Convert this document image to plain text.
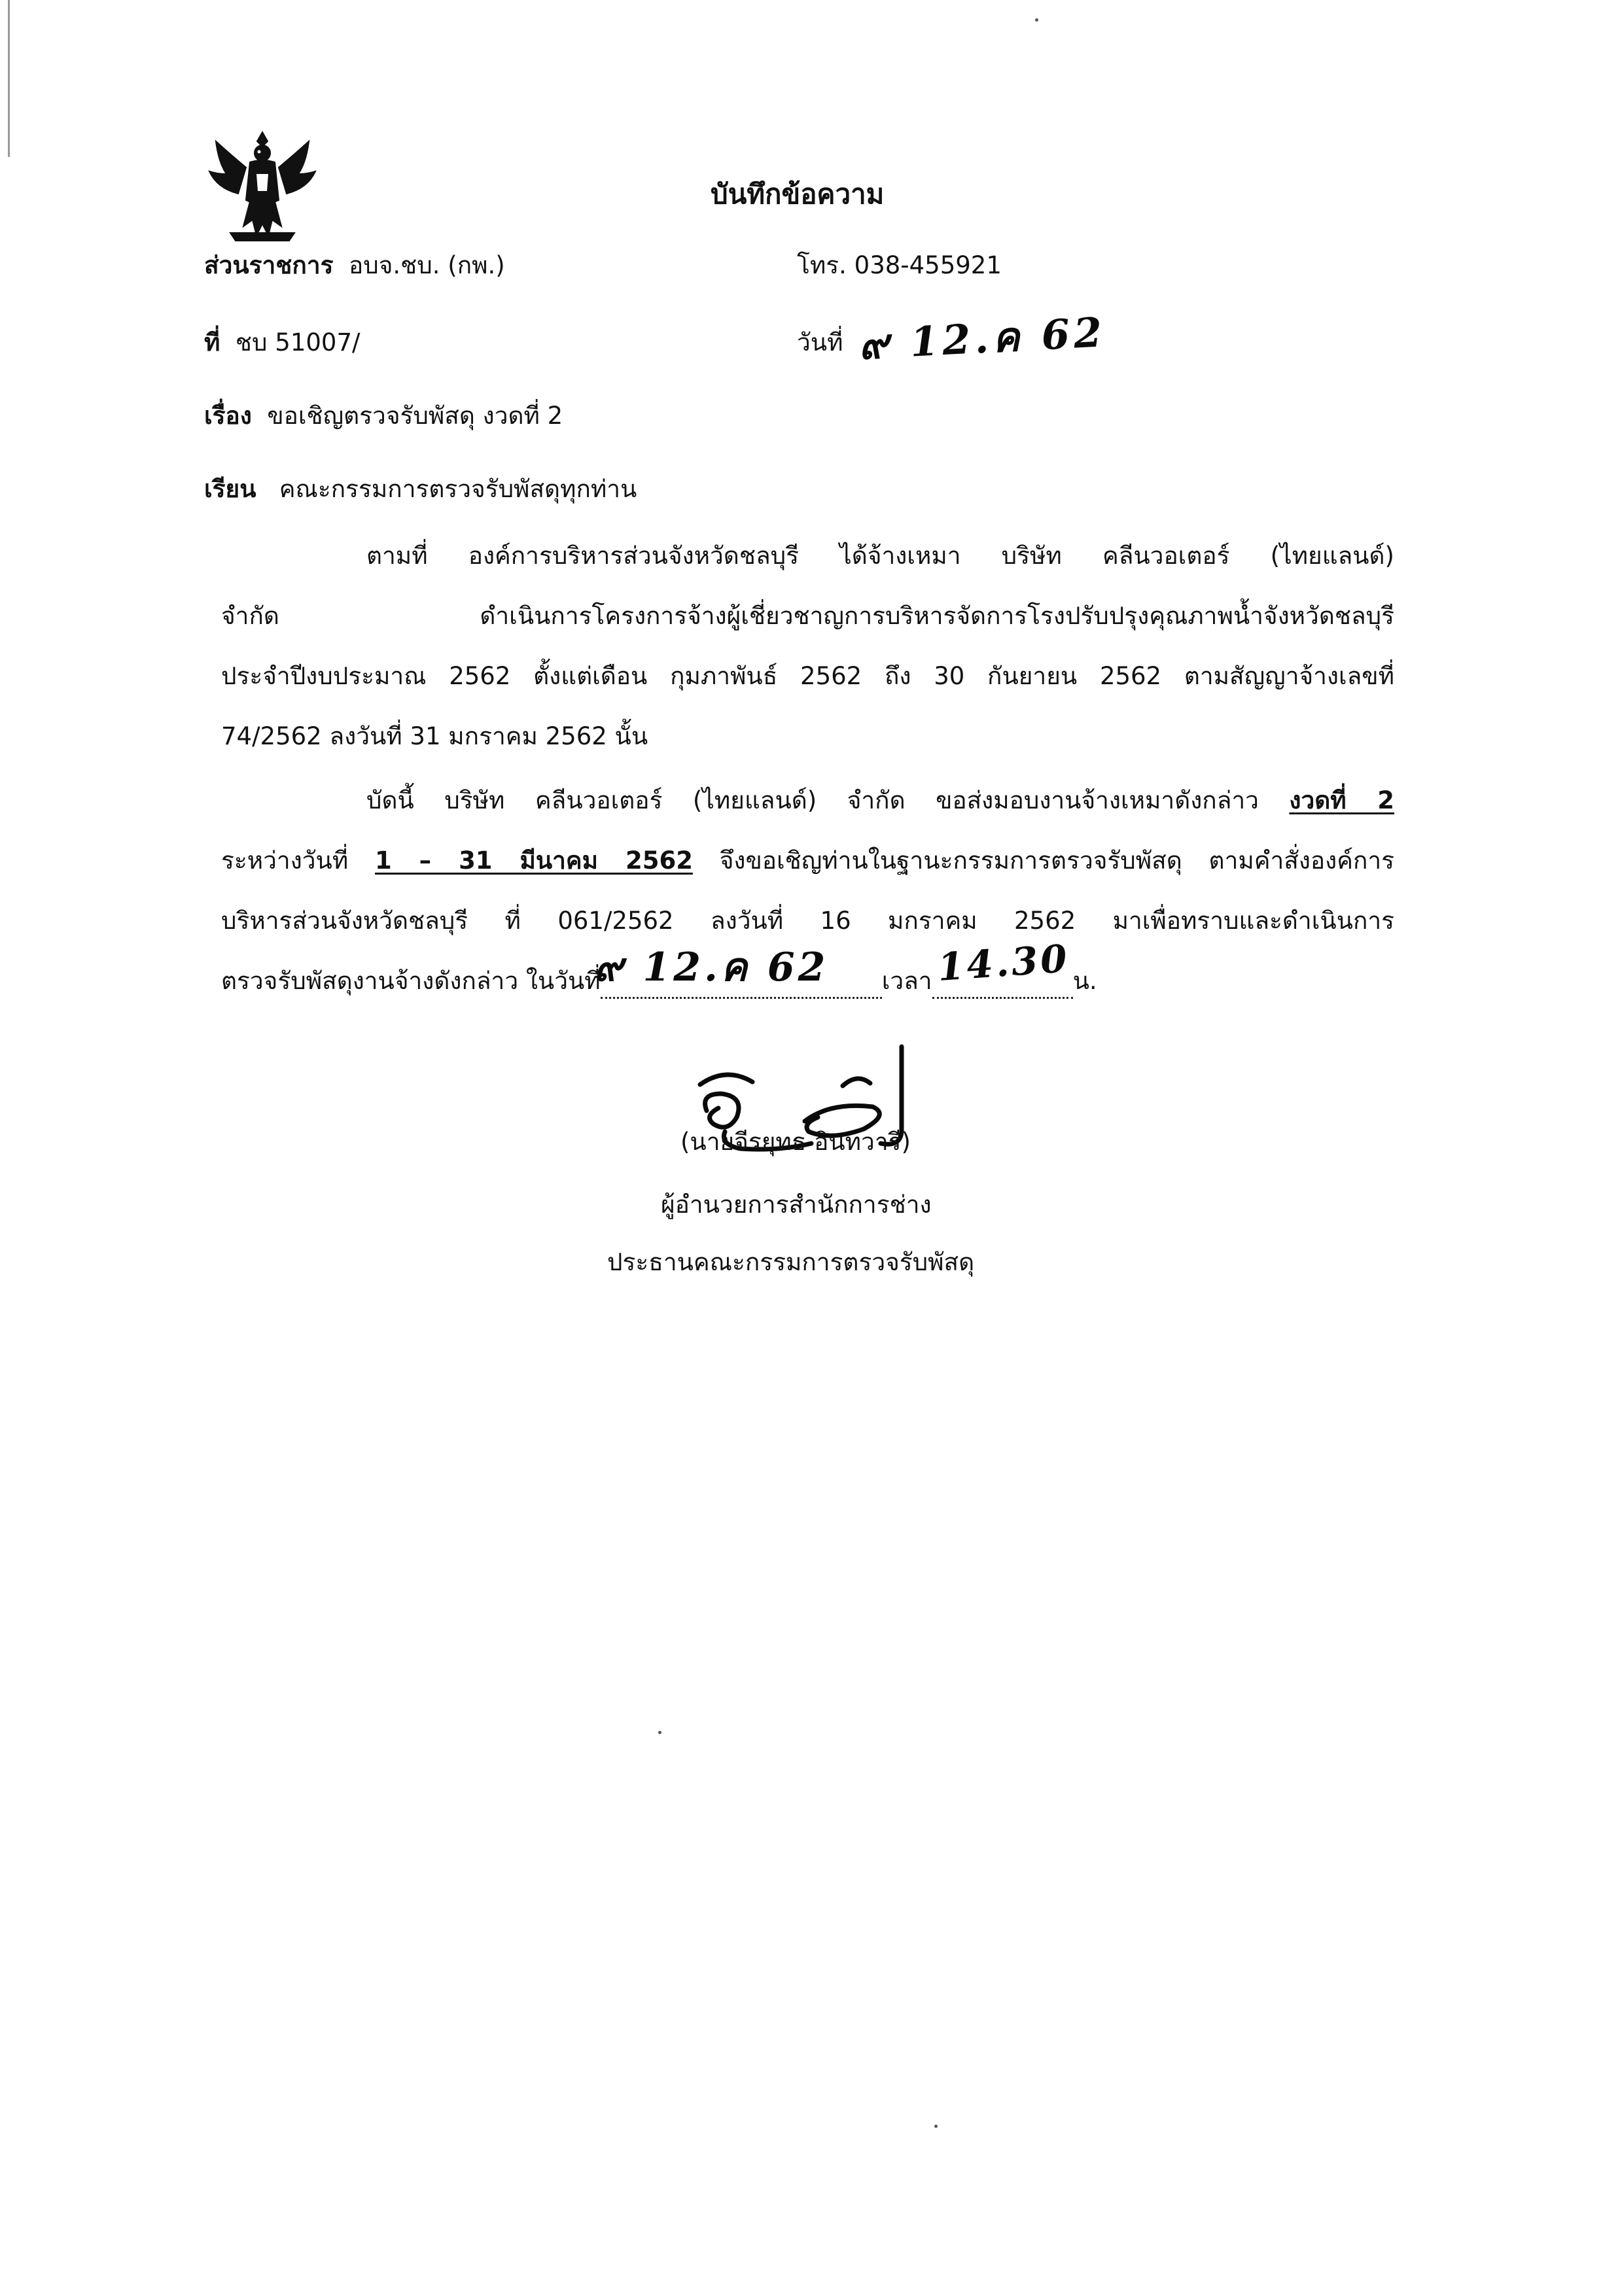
บันทึกข้อความ
ส่วนราชการ อบจ.ชบ. (กพ.)	โทร. 038-455921
ที่ ชบ 51007/	วันที่ ๙ 12.ค 62
เรื่อง ขอเชิญตรวจรับพัสดุ งวดที่ 2
เรียน คณะกรรมการตรวจรับพัสดุทุกท่าน
ตามที่ องค์การบริหารส่วนจังหวัดชลบุรี ได้จ้างเหมา บริษัท คลีนวอเตอร์ (ไทยแลนด์)
จำกัด ดำเนินการโครงการจ้างผู้เชี่ยวชาญการบริหารจัดการโรงปรับปรุงคุณภาพน้ำจังหวัดชลบุรี
ประจำปีงบประมาณ 2562 ตั้งแต่เดือน กุมภาพันธ์ 2562 ถึง 30 กันยายน 2562 ตามสัญญาจ้างเลขที่
74/2562 ลงวันที่ 31 มกราคม 2562 นั้น
บัดนี้ บริษัท คลีนวอเตอร์ (ไทยแลนด์) จำกัด ขอส่งมอบงานจ้างเหมาดังกล่าว งวดที่ 2
ระหว่างวันที่ 1 – 31 มีนาคม 2562 จึงขอเชิญท่านในฐานะกรรมการตรวจรับพัสดุ ตามคำสั่งองค์การ
บริหารส่วนจังหวัดชลบุรี ที่ 061/2562 ลงวันที่ 16 มกราคม 2562 มาเพื่อทราบและดำเนินการ
ตรวจรับพัสดุงานจ้างดังกล่าว ในวันที่
๙ 12.ค 62 เวลา 14.30 น.
(นายจีรยุทธ อินทวารี)
ผู้อำนวยการสำนักการช่าง
ประธานคณะกรรมการตรวจรับพัสดุ
